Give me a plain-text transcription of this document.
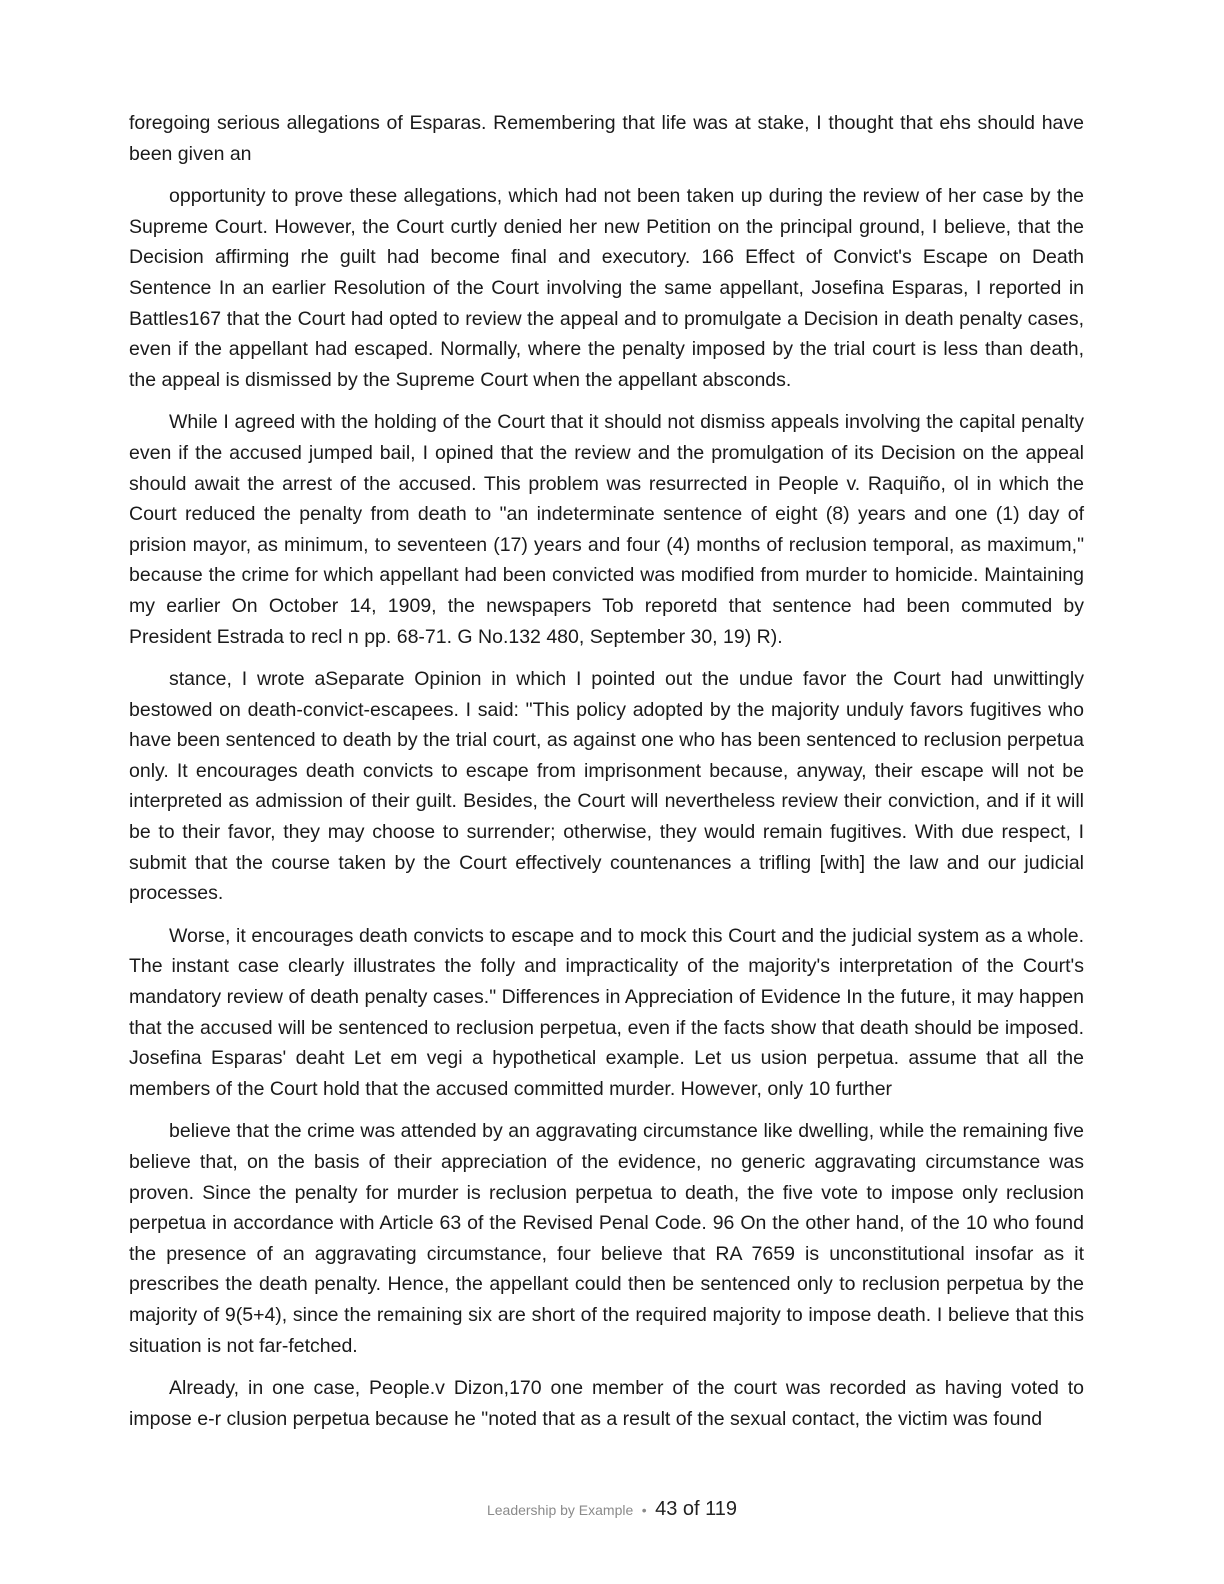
foregoing serious allegations of Esparas. Remembering that life was at stake, I thought that ehs should have been given an

opportunity to prove these allegations, which had not been taken up during the review of her case by the Supreme Court. However, the Court curtly denied her new Petition on the principal ground, I believe, that the Decision affirming rhe guilt had become final and executory. 166 Effect of Convict's Escape on Death Sentence In an earlier Resolution of the Court involving the same appellant, Josefina Esparas, I reported in Battles167 that the Court had opted to review the appeal and to promulgate a Decision in death penalty cases, even if the appellant had escaped. Normally, where the penalty imposed by the trial court is less than death, the appeal is dismissed by the Supreme Court when the appellant absconds.

While I agreed with the holding of the Court that it should not dismiss appeals involving the capital penalty even if the accused jumped bail, I opined that the review and the promulgation of its Decision on the appeal should await the arrest of the accused. This problem was resurrected in People v. Raquiño, ol in which the Court reduced the penalty from death to "an indeterminate sentence of eight (8) years and one (1) day of prision mayor, as minimum, to seventeen (17) years and four (4) months of reclusion temporal, as maximum," because the crime for which appellant had been convicted was modified from murder to homicide. Maintaining my earlier On October 14, 1909, the newspapers Tob reporetd that sentence had been commuted by President Estrada to recl n pp. 68-71. G No.132 480, September 30, 19) R).

stance, I wrote aSeparate Opinion in which I pointed out the undue favor the Court had unwittingly bestowed on death-convict-escapees. I said: "This policy adopted by the majority unduly favors fugitives who have been sentenced to death by the trial court, as against one who has been sentenced to reclusion perpetua only. It encourages death convicts to escape from imprisonment because, anyway, their escape will not be interpreted as admission of their guilt. Besides, the Court will nevertheless review their conviction, and if it will be to their favor, they may choose to surrender; otherwise, they would remain fugitives. With due respect, I submit that the course taken by the Court effectively countenances a trifling [with] the law and our judicial processes.

Worse, it encourages death convicts to escape and to mock this Court and the judicial system as a whole. The instant case clearly illustrates the folly and impracticality of the majority's interpretation of the Court's mandatory review of death penalty cases." Differences in Appreciation of Evidence In the future, it may happen that the accused will be sentenced to reclusion perpetua, even if the facts show that death should be imposed. Josefina Esparas' deaht Let em vegi a hypothetical example. Let us usion perpetua. assume that all the members of the Court hold that the accused committed murder. However, only 10 further

believe that the crime was attended by an aggravating circumstance like dwelling, while the remaining five believe that, on the basis of their appreciation of the evidence, no generic aggravating circumstance was proven. Since the penalty for murder is reclusion perpetua to death, the five vote to impose only reclusion perpetua in accordance with Article 63 of the Revised Penal Code. 96 On the other hand, of the 10 who found the presence of an aggravating circumstance, four believe that RA 7659 is unconstitutional insofar as it prescribes the death penalty. Hence, the appellant could then be sentenced only to reclusion perpetua by the majority of 9(5+4), since the remaining six are short of the required majority to impose death. I believe that this situation is not far-fetched.

Already, in one case, People.v Dizon,170 one member of the court was recorded as having voted to impose e-r clusion perpetua because he "noted that as a result of the sexual contact, the victim was found

Leadership by Example • 43 of 119
